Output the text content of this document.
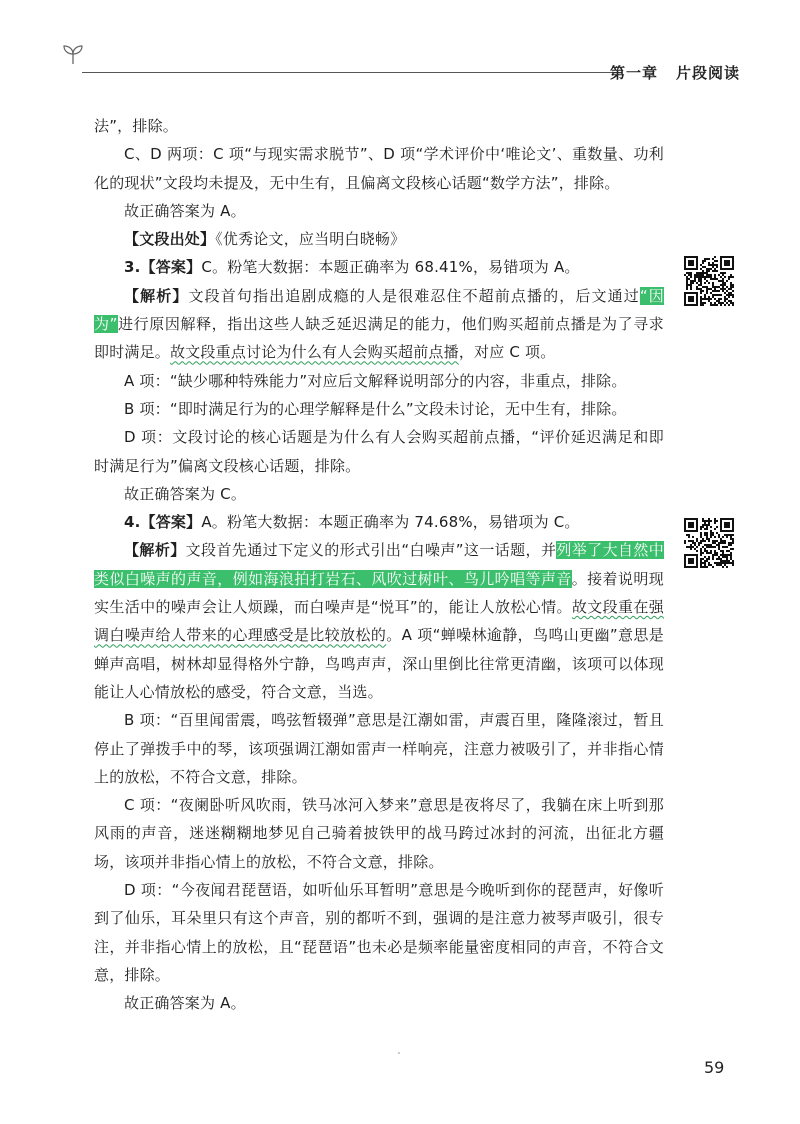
第一章 片段阅读

法”，排除。

C、D 两项：C 项“与现实需求脱节”、D 项“学术评价中‘唯论文’、重数量、功利化的现状”文段均未提及，无中生有，且偏离文段核心话题“数学方法”，排除。

故正确答案为 A。

【文段出处】《优秀论文，应当明白晓畅》

3.【答案】C。粉笔大数据：本题正确率为 68.41%，易错项为 A。

【解析】文段首句指出追剧成瘾的人是很难忍住不超前点播的，后文通过“因为”进行原因解释，指出这些人缺乏延迟满足的能力，他们购买超前点播是为了寻求即时满足。故文段重点讨论为什么有人会购买超前点播，对应 C 项。

A 项：“缺少哪种特殊能力”对应后文解释说明部分的内容，非重点，排除。

B 项：“即时满足行为的心理学解释是什么”文段未讨论，无中生有，排除。

D 项：文段讨论的核心话题是为什么有人会购买超前点播，“评价延迟满足和即时满足行为”偏离文段核心话题，排除。

故正确答案为 C。

4.【答案】A。粉笔大数据：本题正确率为 74.68%，易错项为 C。

【解析】文段首先通过下定义的形式引出“白噪声”这一话题，并列举了大自然中类似白噪声的声音，例如海浪拍打岩石、风吹过树叶、鸟儿吟唱等声音。接着说明现实生活中的噪声会让人烦躁，而白噪声是“悦耳”的，能让人放松心情。故文段重在强调白噪声给人带来的心理感受是比较放松的。A 项“蝉噪林逾静，鸟鸣山更幽”意思是蝉声高唱，树林却显得格外宁静，鸟鸣声声，深山里倒比往常更清幽，该项可以体现能让人心情放松的感受，符合文意，当选。

B 项：“百里闻雷震，鸣弦暂辍弹”意思是江潮如雷，声震百里，隆隆滚过，暂且停止了弹拨手中的琴，该项强调江潮如雷声一样响亮，注意力被吸引了，并非指心情上的放松，不符合文意，排除。

C 项：“夜阑卧听风吹雨，铁马冰河入梦来”意思是夜将尽了，我躺在床上听到那风雨的声音，迷迷糊糊地梦见自己骑着披铁甲的战马跨过冰封的河流，出征北方疆场，该项并非指心情上的放松，不符合文意，排除。

D 项：“今夜闻君琵琶语，如听仙乐耳暂明”意思是今晚听到你的琵琶声，好像听到了仙乐，耳朵里只有这个声音，别的都听不到，强调的是注意力被琴声吸引，很专注，并非指心情上的放松，且“琵琶语”也未必是频率能量密度相同的声音，不符合文意，排除。

故正确答案为 A。

59
